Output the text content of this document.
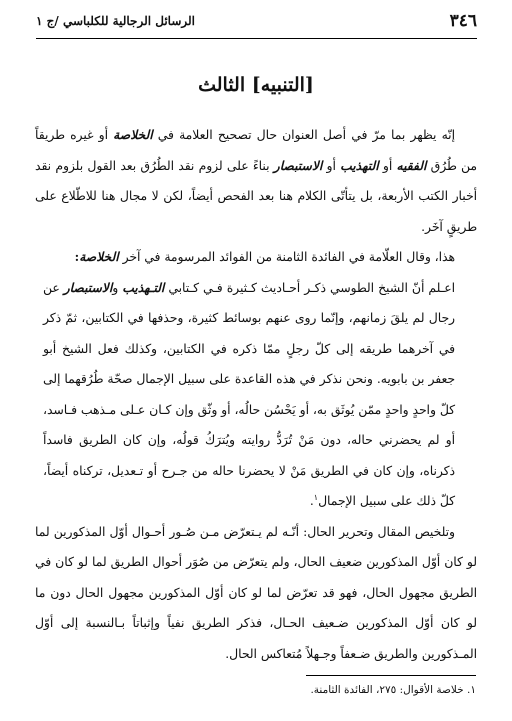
٣٤٦
الرسائل الرجالية للكلباسي /ج ١
[التنبيه] الثالث

إنّه يظهر بما مرّ في أصل العنوان حال تصحيح العلامة في الخلاصة أو غيره طريقاً من طُرُق الفقيه أو التهذيب أو الاستبصار بناءً على لزوم نقد الطُرُق بعد القول بلزوم نقد أخبار الكتب الأربعة، بل يتأتّى الكلام هنا بعد الفحص أيضاً، لكن لا مجال هنا للاطّلاع على طريقٍ آخَر.

هذا، وقال العلّامة في الفائدة الثامنة من الفوائد المرسومة في آخر الخلاصة:

اعـلم أنّ الشيخ الطوسي ذكـر أحـاديث كـثيرة فـي كـتابي التـهذيب والاستبصار عن رجال لم يلقَ زمانهم، وإنّما روى عنهم بوسائط كثيرة، وحذفها في الكتابين، ثمّ ذكر في آخرهما طريقه إلى كلّ رجلٍ ممّا ذكره في الكتابين، وكذلك فعل الشيخ أبو جعفر بن بابويه. ونحن نذكر في هذه القاعدة على سبيل الإجمال صحّة طُرُقهما إلى كلّ واحدٍ واحدٍ ممّن يُوثَق به، أو يَحْسُن حالُه، أو وثّق وإن كـان عـلى مـذهب فـاسد، أو لم يحضرني حاله، دون مَنْ تُرَدُّ روايته ويُترَكُ قولُه، وإن كان الطريق فاسداً ذكرناه، وإن كان في الطريق مَنْ لا يحضرنا حاله من جـرح أو تـعديل، تركناه أيضاً، كلّ ذلك على سبيل الإجمال$^١$.

وتلخيص المقال وتحرير الحال: أنّـه لم يـتعرّض مـن صُـور أحـوال أوّل المذكورين لما لو كان أوّل المذكورين ضعيف الحال، ولم يتعرّض من صُوَر أحوال الطريق لما لو كان في الطريق مجهول الحال، فهو قد تعرّض لما لو كان أوّل المذكورين مجهول الحال دون ما لو كان أوّل المذكورين ضـعيف الحـال، فذكر الطريق نفياً وإثباتاً بـالنسبة إلى أوّل المـذكورين والطريق ضـعفاً وجـهلاً مُتعاكس الحال.

١. خلاصة الأقوال: ٢٧٥، الفائدة الثامنة.
